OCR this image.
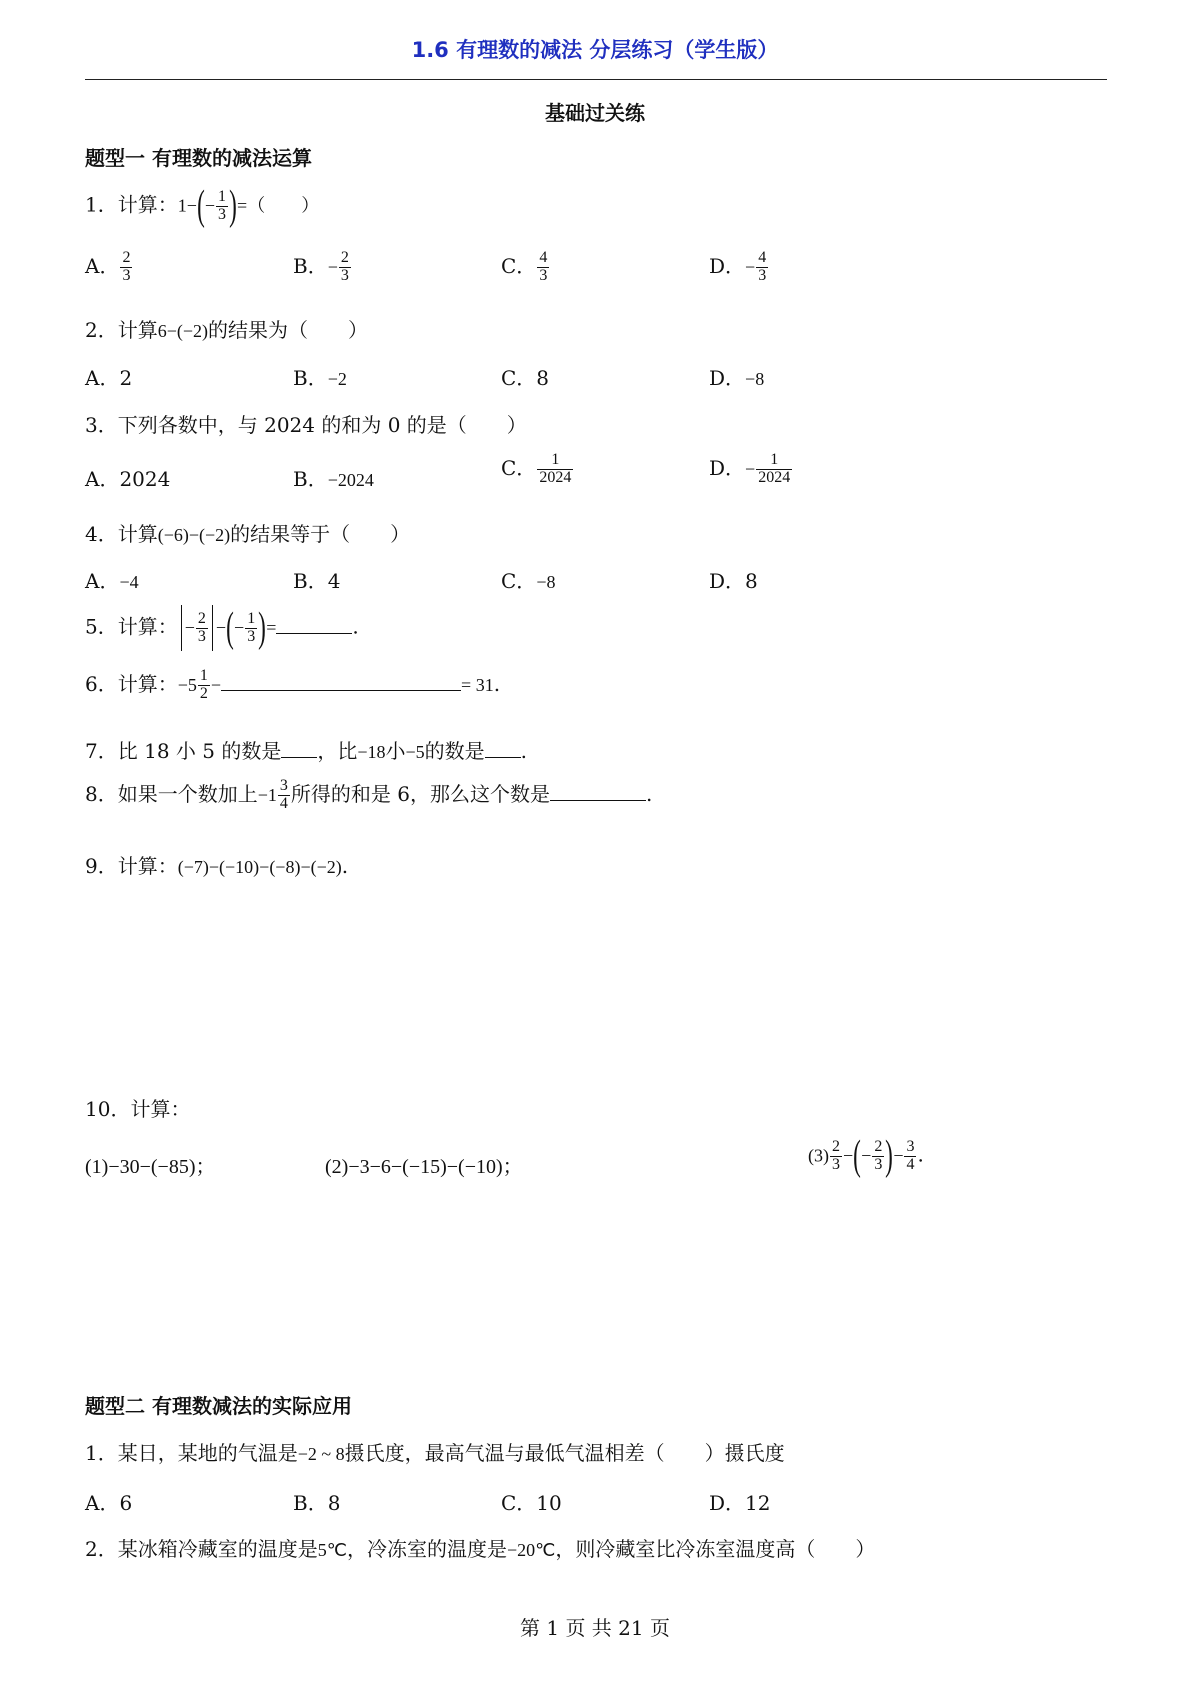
1.6 有理数的减法 分层练习（学生版）
基础过关练
题型一 有理数的减法运算
1．计算：$1-(- \frac{1}{3}$ )=（　　）
A． $\frac{2}{3}$	B．− $\frac{2}{3}$	C． $\frac{4}{3}$	D．− $\frac{4}{3}$
2．计算6−(−2)的结果为（　　）
A．2	B．−2	C．8	D．−8
3．下列各数中，与 2024 的和为 0 的是（　　）
A．2024	B．−2024	C． $\frac{1}{2024}$	D．− $\frac{1}{2024}$
4．计算(−6)−(−2)的结果等于（　　）
A．−4	B．4	C．−8	D．8
5．计算： − $\frac{2}{3}$ −(− $\frac{1}{3}$ )=	.
6．计算：$-5 \frac{1}{2}$ −	= 31.
7．比 18 小 5 的数是 ，比−18小−5的数是 .
8．如果一个数加上$-1 \frac{3}{4}$ 所得的和是 6，那么这个数是	.
9．计算：(−7)−(−10)−(−8)−(−2).
10．计算：
(1)−30−(−85)；	(2)−3−6−(−15)−(−10)；
$(3) \frac{2}{3}$ −(− $\frac{2}{3}$ )− $\frac{3}{4}$ .
题型二 有理数减法的实际应用
1．某日，某地的气温是−2 ~ 8摄氏度，最高气温与最低气温相差（　　）摄氏度
A．6	B．8	C．10	D．12
2．某冰箱冷藏室的温度是5℃，冷冻室的温度是−20℃，则冷藏室比冷冻室温度高（　　）
第 1 页 共 21 页
